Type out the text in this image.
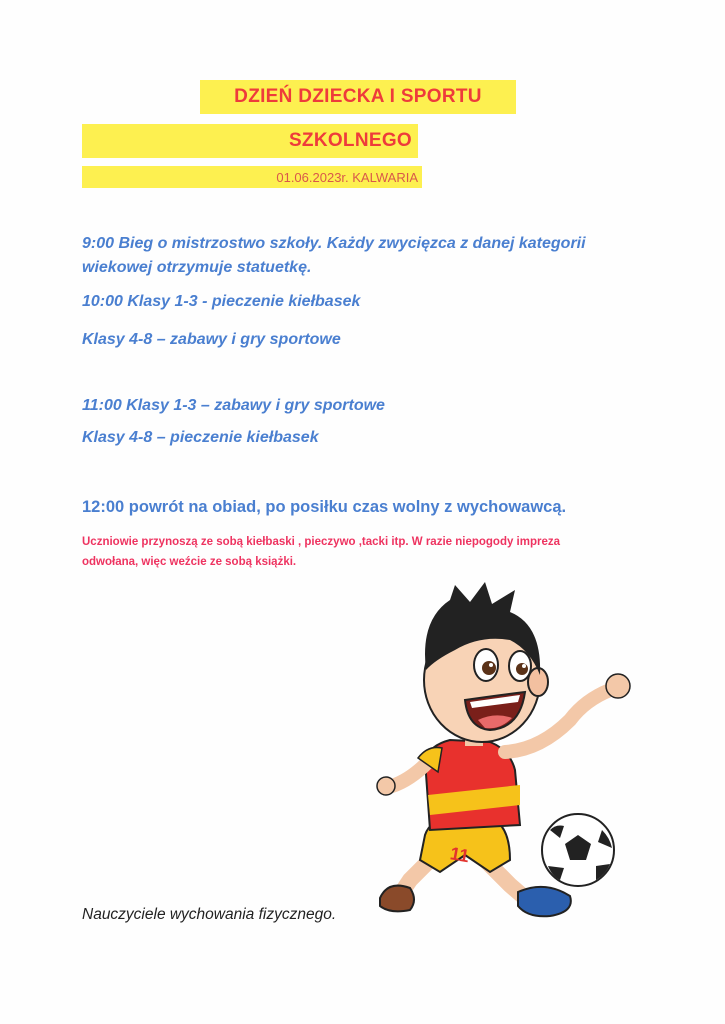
DZIEŃ DZIECKA I SPORTU
SZKOLNEGO
01.06.2023r. KALWARIA
9:00 Bieg o mistrzostwo szkoły. Każdy zwycięzca z danej kategorii
wiekowej otrzymuje statuetkę.
10:00 Klasy 1-3 - pieczenie kiełbasek
Klasy 4-8 – zabawy i gry sportowe
11:00 Klasy 1-3 – zabawy i gry sportowe
Klasy 4-8 – pieczenie kiełbasek
12:00 powrót na obiad, po posiłku czas wolny z wychowawcą.
Uczniowie przynoszą ze sobą kiełbaski , pieczywo ,tacki itp. W razie niepogody impreza
odwołana, więc weźcie ze sobą książki.
11
Nauczyciele wychowania fizycznego.
